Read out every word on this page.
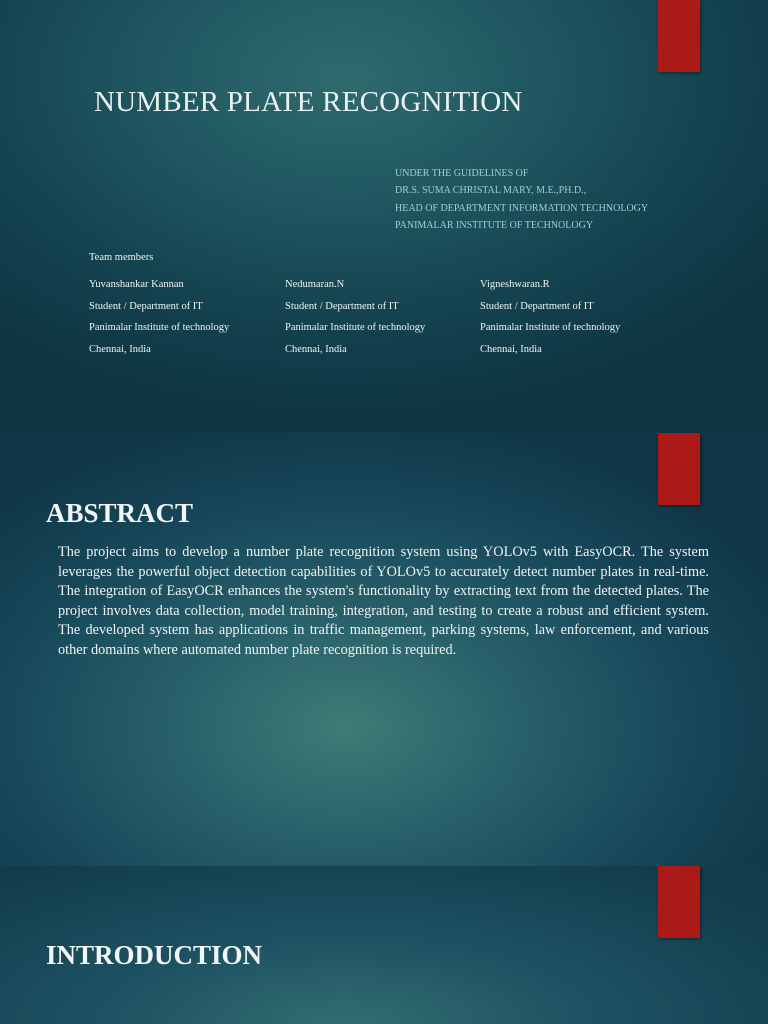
NUMBER PLATE RECOGNITION
UNDER THE GUIDELINES OF
DR.S. SUMA CHRISTAL MARY, M.E.,PH.D.,
HEAD OF DEPARTMENT INFORMATION TECHNOLOGY
PANIMALAR INSTITUTE OF TECHNOLOGY
Team members
Yuvanshankar Kannan
Student / Department of IT
Panimalar Institute of technology
Chennai, India
Nedumaran.N
Student / Department of IT
Panimalar Institute of technology
Chennai, India
Vigneshwaran.R
Student / Department of IT
Panimalar Institute of technology
Chennai, India
ABSTRACT
The project aims to develop a number plate recognition system using YOLOv5 with EasyOCR. The system leverages the powerful object detection capabilities of YOLOv5 to accurately detect number plates in real-time. The integration of EasyOCR enhances the system's functionality by extracting text from the detected plates. The project involves data collection, model training, integration, and testing to create a robust and efficient system. The developed system has applications in traffic management, parking systems, law enforcement, and various other domains where automated number plate recognition is required.
INTRODUCTION
